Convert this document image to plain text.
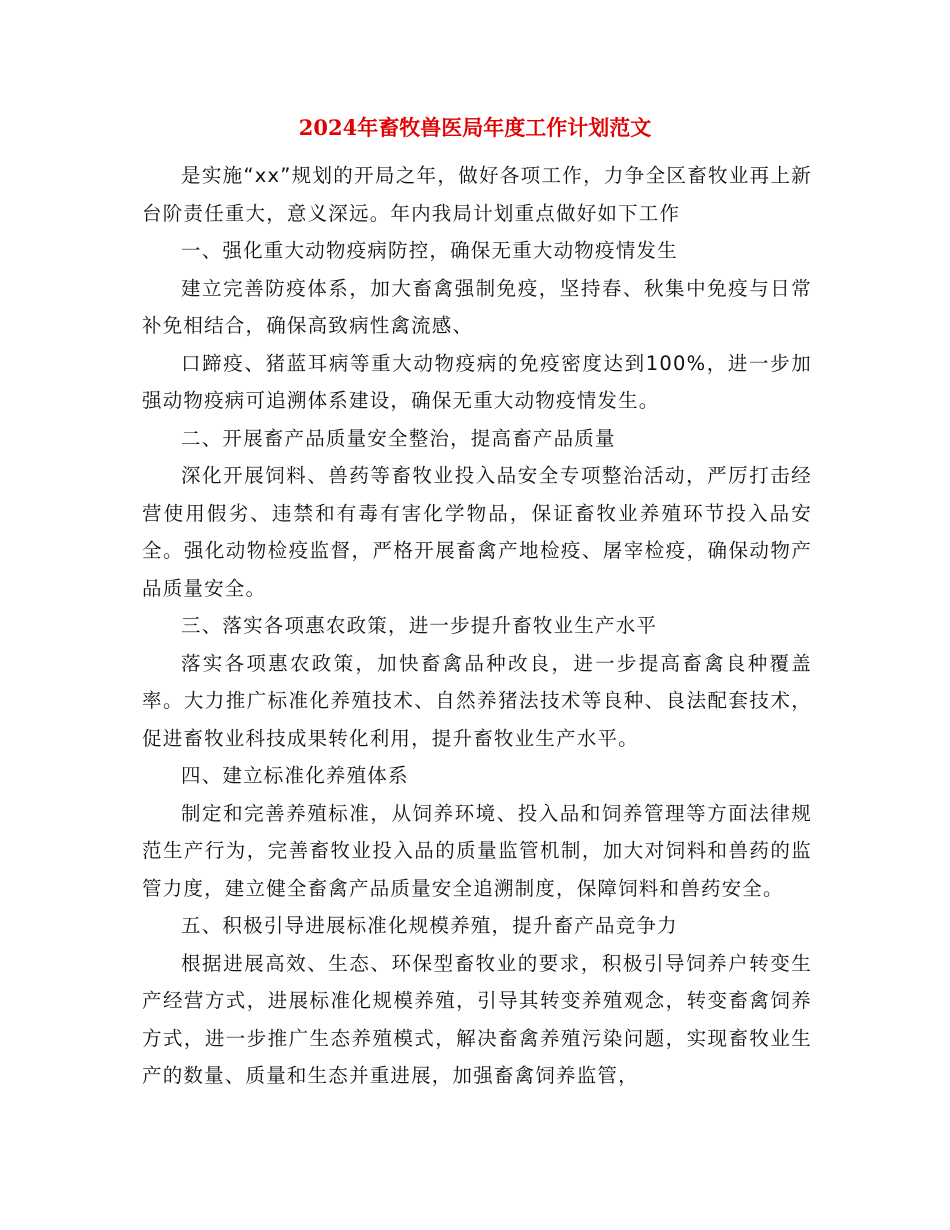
2024年畜牧兽医局年度工作计划范文

是实施“xx”规划的开局之年，做好各项工作，力争全区畜牧业再上新台阶责任重大，意义深远。年内我局计划重点做好如下工作

一、强化重大动物疫病防控，确保无重大动物疫情发生

建立完善防疫体系，加大畜禽强制免疫，坚持春、秋集中免疫与日常补免相结合，确保高致病性禽流感、

口蹄疫、猪蓝耳病等重大动物疫病的免疫密度达到100%，进一步加强动物疫病可追溯体系建设，确保无重大动物疫情发生。

二、开展畜产品质量安全整治，提高畜产品质量

深化开展饲料、兽药等畜牧业投入品安全专项整治活动，严厉打击经营使用假劣、违禁和有毒有害化学物品，保证畜牧业养殖环节投入品安全。强化动物检疫监督，严格开展畜禽产地检疫、屠宰检疫，确保动物产品质量安全。

三、落实各项惠农政策，进一步提升畜牧业生产水平

落实各项惠农政策，加快畜禽品种改良，进一步提高畜禽良种覆盖率。大力推广标准化养殖技术、自然养猪法技术等良种、良法配套技术，促进畜牧业科技成果转化利用，提升畜牧业生产水平。

四、建立标准化养殖体系

制定和完善养殖标准，从饲养环境、投入品和饲养管理等方面法律规范生产行为，完善畜牧业投入品的质量监管机制，加大对饲料和兽药的监管力度，建立健全畜禽产品质量安全追溯制度，保障饲料和兽药安全。

五、积极引导进展标准化规模养殖，提升畜产品竞争力

根据进展高效、生态、环保型畜牧业的要求，积极引导饲养户转变生产经营方式，进展标准化规模养殖，引导其转变养殖观念，转变畜禽饲养方式，进一步推广生态养殖模式，解决畜禽养殖污染问题，实现畜牧业生产的数量、质量和生态并重进展，加强畜禽饲养监管，
